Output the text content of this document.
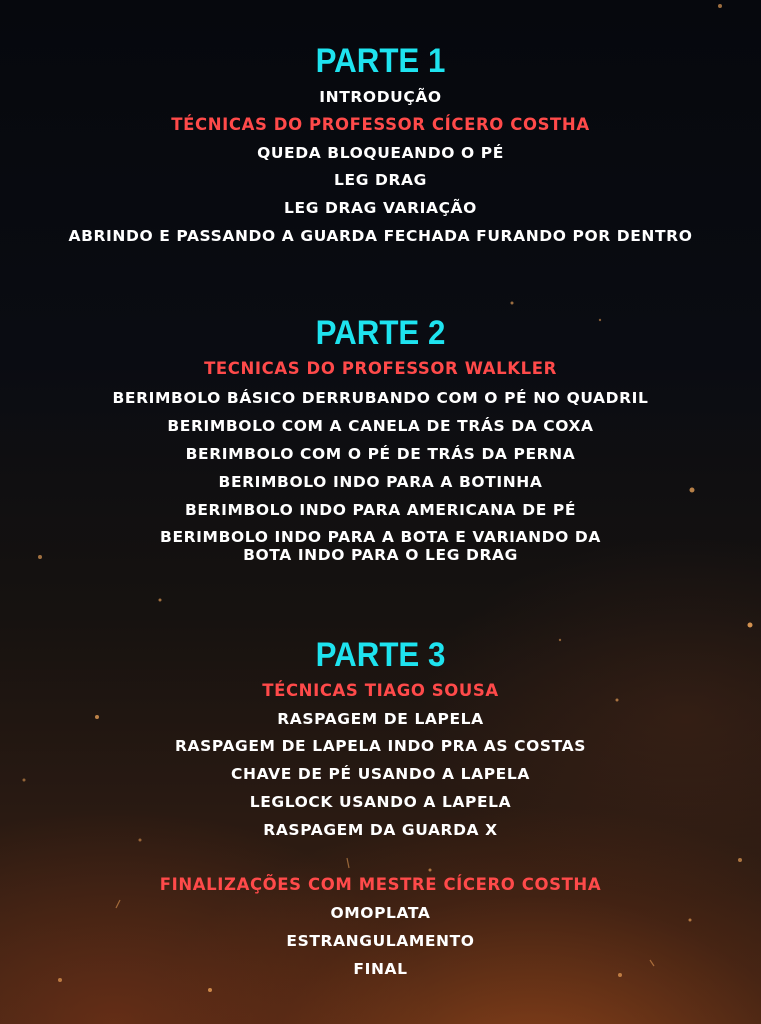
PARTE 1
INTRODUÇÃO
TÉCNICAS DO PROFESSOR CÍCERO COSTHA
QUEDA BLOQUEANDO O PÉ
LEG DRAG
LEG DRAG VARIAÇÃO
ABRINDO E PASSANDO A GUARDA FECHADA FURANDO POR DENTRO
PARTE 2
TECNICAS DO PROFESSOR WALKLER
BERIMBOLO BÁSICO DERRUBANDO COM O PÉ NO QUADRIL
BERIMBOLO COM A CANELA DE TRÁS DA COXA
BERIMBOLO COM O PÉ DE TRÁS DA PERNA
BERIMBOLO INDO PARA A BOTINHA
BERIMBOLO INDO PARA AMERICANA DE PÉ
BERIMBOLO INDO PARA A BOTA E VARIANDO DA
BOTA INDO PARA O LEG DRAG
PARTE 3
TÉCNICAS TIAGO SOUSA
RASPAGEM DE LAPELA
RASPAGEM DE LAPELA INDO PRA AS COSTAS
CHAVE DE PÉ USANDO A LAPELA
LEGLOCK USANDO A LAPELA
RASPAGEM DA GUARDA X
FINALIZAÇÕES COM MESTRE CÍCERO COSTHA
OMOPLATA
ESTRANGULAMENTO
FINAL
